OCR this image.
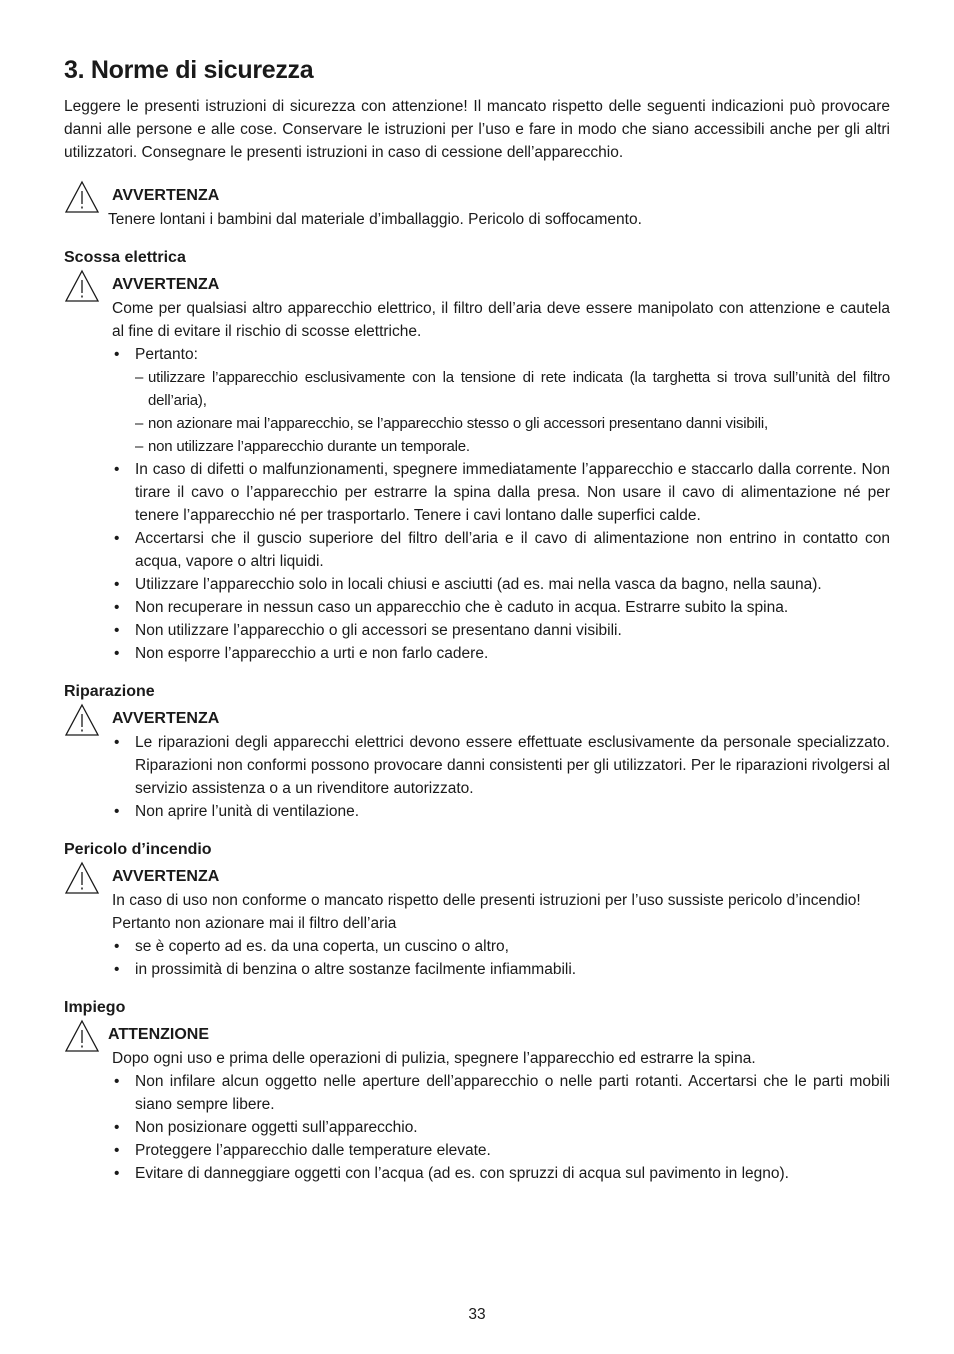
3. Norme di sicurezza

Leggere le presenti istruzioni di sicurezza con attenzione! Il mancato rispetto delle seguenti indicazioni può provocare danni alle persone e alle cose. Conservare le istruzioni per l’uso e fare in modo che siano accessibili anche per gli altri utilizzatori. Consegnare le presenti istruzioni in caso di cessione dell’apparecchio.

AVVERTENZA

Tenere lontani i bambini dal materiale d’imballaggio. Pericolo di soffocamento.

Scossa elettrica
AVVERTENZA

Come per qualsiasi altro apparecchio elettrico, il filtro dell’aria deve essere manipolato con attenzione e cautela al fine di evitare il rischio di scosse elettriche.

• Pertanto:
– utilizzare l’apparecchio esclusivamente con la tensione di rete indicata (la targhetta si trova sull’unità del filtro dell’aria),
– non azionare mai l’apparecchio, se l’apparecchio stesso o gli accessori presentano danni visibili,
– non utilizzare l’apparecchio durante un temporale.
• In caso di difetti o malfunzionamenti, spegnere immediatamente l’apparecchio e staccarlo dalla corrente. Non tirare il cavo o l’apparecchio per estrarre la spina dalla presa. Non usare il cavo di alimentazione né per tenere l’apparecchio né per trasportarlo. Tenere i cavi lontano dalle superfici calde.
• Accertarsi che il guscio superiore del filtro dell’aria e il cavo di alimentazione non entrino in contatto con acqua, vapore o altri liquidi.
• Utilizzare l’apparecchio solo in locali chiusi e asciutti (ad es. mai nella vasca da bagno, nella sauna).
• Non recuperare in nessun caso un apparecchio che è caduto in acqua. Estrarre subito la spina.
• Non utilizzare l’apparecchio o gli accessori se presentano danni visibili.
• Non esporre l’apparecchio a urti e non farlo cadere.
Riparazione
AVVERTENZA
• Le riparazioni degli apparecchi elettrici devono essere effettuate esclusivamente da personale specializzato. Riparazioni non conformi possono provocare danni consistenti per gli utilizzatori. Per le riparazioni rivolgersi al servizio assistenza o a un rivenditore autorizzato.
• Non aprire l’unità di ventilazione.
Pericolo d’incendio
AVVERTENZA

In caso di uso non conforme o mancato rispetto delle presenti istruzioni per l’uso sussiste pericolo d’incendio!

Pertanto non azionare mai il filtro dell’aria

• se è coperto ad es. da una coperta, un cuscino o altro,
• in prossimità di benzina o altre sostanze facilmente infiammabili.
Impiego
ATTENZIONE

Dopo ogni uso e prima delle operazioni di pulizia, spegnere l’apparecchio ed estrarre la spina.

• Non infilare alcun oggetto nelle aperture dell’apparecchio o nelle parti rotanti. Accertarsi che le parti mobili siano sempre libere.
• Non posizionare oggetti sull’apparecchio.
• Proteggere l’apparecchio dalle temperature elevate.
• Evitare di danneggiare oggetti con l’acqua (ad es. con spruzzi di acqua sul pavimento in legno).
33
